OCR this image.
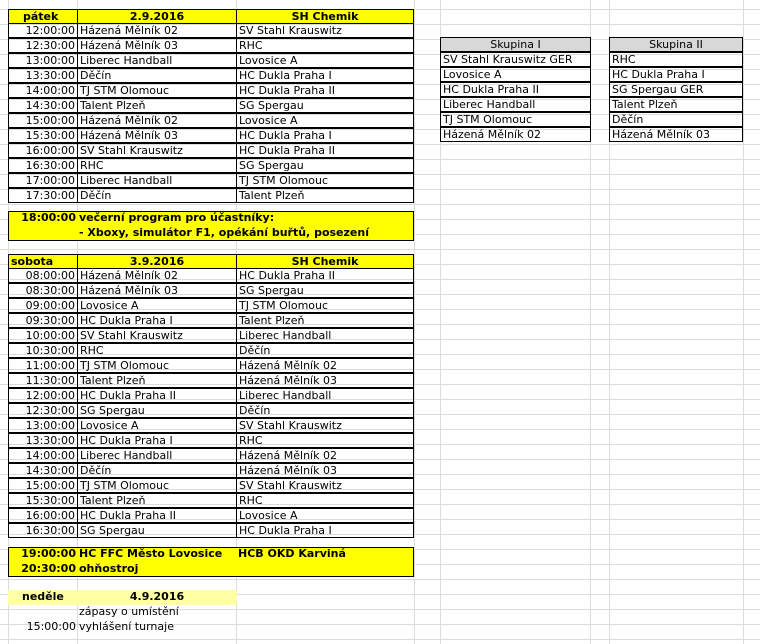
pátek	2.9.2016	SH Chemik
12:00:00 Házená Mělník 02	SV Stahl Krauswitz
12:30:00 Házená Mělník 03	RHC
13:00:00 Liberec Handball	Lovosice A
13:30:00 Děčín	HC Dukla Praha I
14:00:00 TJ STM Olomouc	HC Dukla Praha II
14:30:00 Talent Plzeň	SG Spergau
15:00:00 Házená Mělník 02	Lovosice A
15:30:00 Házená Mělník 03	HC Dukla Praha I
16:00:00 SV Stahl Krauswitz	HC Dukla Praha II
16:30:00 RHC	SG Spergau
17:00:00 Liberec Handball	TJ STM Olomouc
17:30:00 Děčín	Talent Plzeň
18:00:00 večerní program pro účastníky:
- Xboxy, simulátor F1, opékání buřtů, posezení
sobota	3.9.2016	SH Chemik
08:00:00 Házená Mělník 02	HC Dukla Praha II
08:30:00 Házená Mělník 03	SG Spergau
09:00:00 Lovosice A	TJ STM Olomouc
09:30:00 HC Dukla Praha I	Talent Plzeň
10:00:00 SV Stahl Krauswitz	Liberec Handball
10:30:00 RHC	Děčín
11:00:00 TJ STM Olomouc	Házená Mělník 02
11:30:00 Talent Plzeň	Házená Mělník 03
12:00:00 HC Dukla Praha II	Liberec Handball
12:30:00 SG Spergau	Děčín
13:00:00 Lovosice A	SV Stahl Krauswitz
13:30:00 HC Dukla Praha I	RHC
14:00:00 Liberec Handball	Házená Mělník 02
14:30:00 Děčín	Házená Mělník 03
15:00:00 TJ STM Olomouc	SV Stahl Krauswitz
15:30:00 Talent Plzeň	RHC
16:00:00 HC Dukla Praha II	Lovosice A
16:30:00 SG Spergau	HC Dukla Praha I
19:00:00 HC FFC Město Lovosice	HCB OKD Karviná
20:30:00 ohňostroj
neděle	4.9.2016
zápasy o umístění
15:00:00 vyhlášení turnaje
Skupina I
SV Stahl Krauswitz GER
Lovosice A
HC Dukla Praha II
Liberec Handball
TJ STM Olomouc
Házená Mělník 02
Skupina II
RHC
HC Dukla Praha I
SG Spergau GER
Talent Plzeň
Děčín
Házená Mělník 03
